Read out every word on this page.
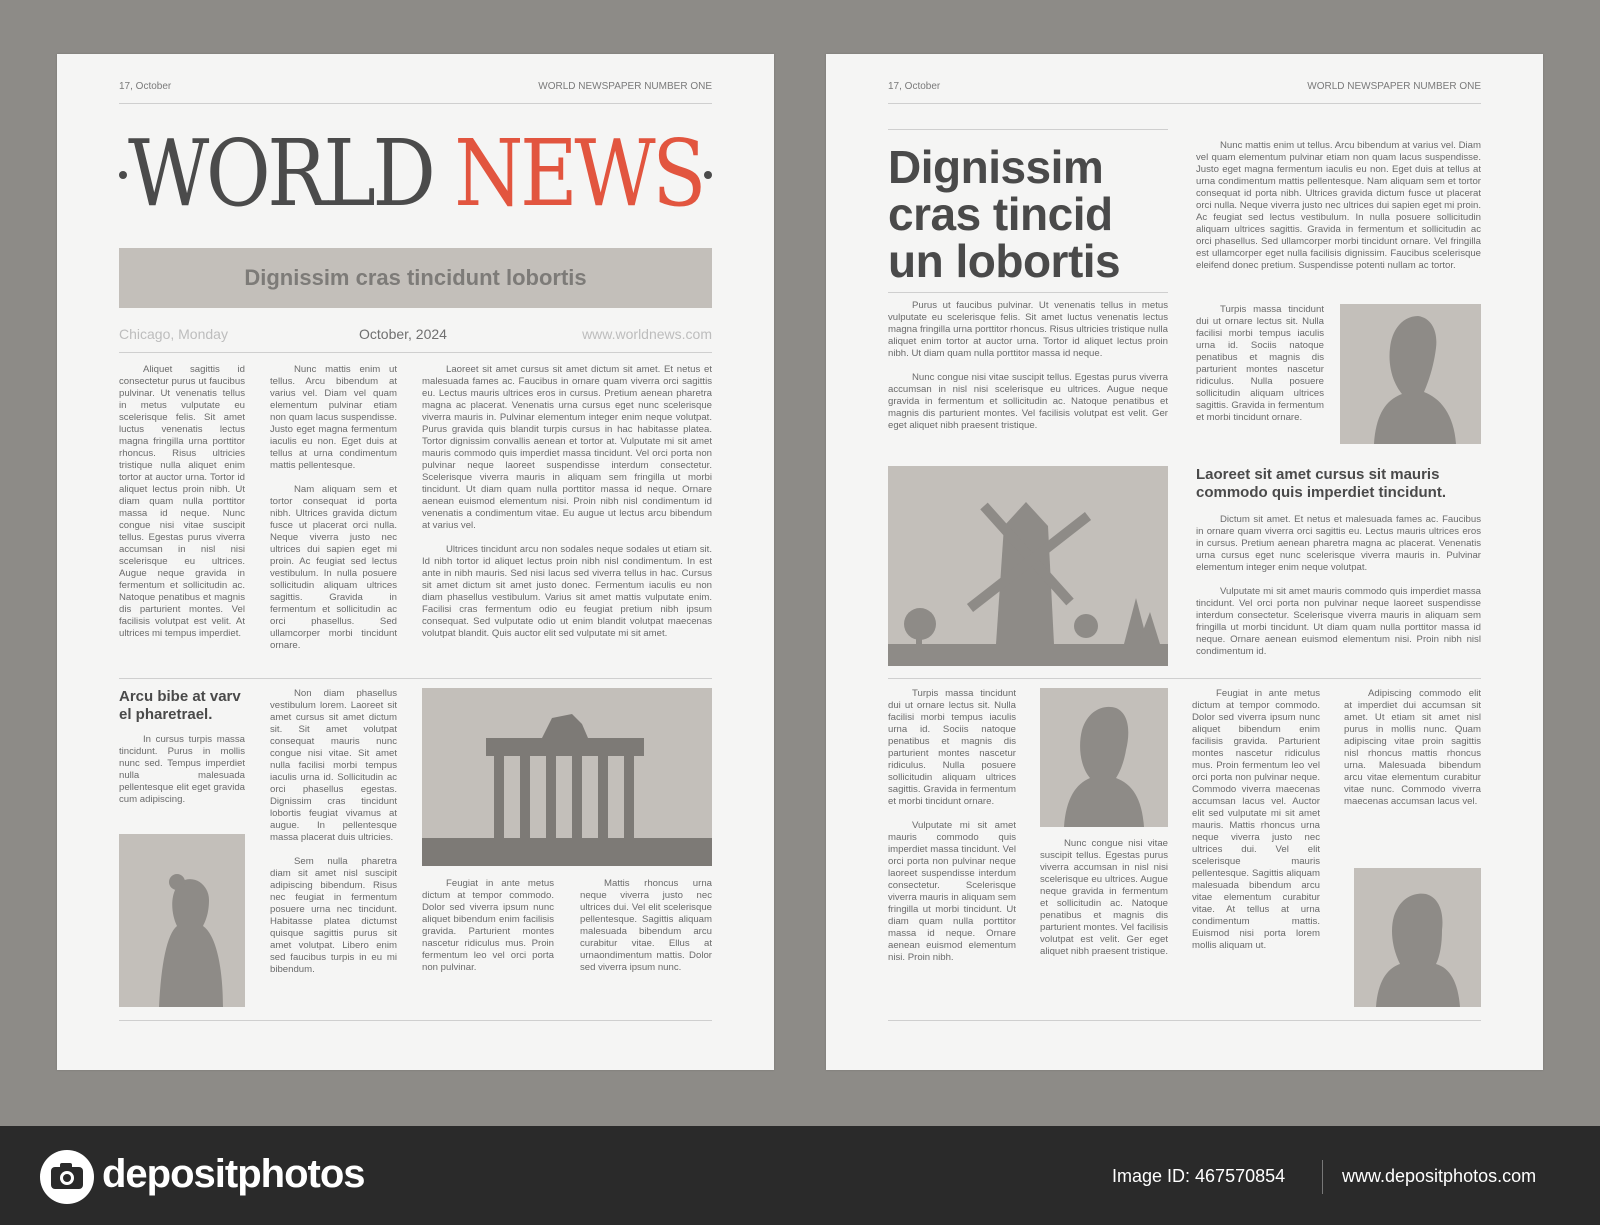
17, October	WORLD NEWSPAPER NUMBER ONE
WORLD NEWS
Dignissim cras tincidunt lobortis
Chicago, Monday	October, 2024	www.worldnews.com

Aliquet sagittis id consectetur purus ut faucibus pulvinar. Ut venenatis tellus in metus vulputate eu scelerisque felis. Sit amet luctus venenatis lectus magna fringilla urna porttitor rhoncus. Risus ultricies tristique nulla aliquet enim tortor at auctor urna. Tortor id aliquet lectus proin nibh. Ut diam quam nulla porttitor massa id neque. Nunc congue nisi vitae suscipit tellus. Egestas purus viverra accumsan in nisl nisi scelerisque eu ultrices. Augue neque gravida in fermentum et sollicitudin ac. Natoque penatibus et magnis dis parturient montes. Vel facilisis volutpat est velit. At ultrices mi tempus imperdiet.

Nunc mattis enim ut tellus. Arcu bibendum at varius vel. Diam vel quam elementum pulvinar etiam non quam lacus suspendisse. Justo eget magna fermentum iaculis eu non. Eget duis at tellus at urna condimentum mattis pellentesque.

Nam aliquam sem et tortor consequat id porta nibh. Ultrices gravida dictum fusce ut placerat orci nulla. Neque viverra justo nec ultrices dui sapien eget mi proin. Ac feugiat sed lectus vestibulum. In nulla posuere sollicitudin aliquam ultrices sagittis. Gravida in fermentum et sollicitudin ac orci phasellus. Sed ullamcorper morbi tincidunt ornare.

Laoreet sit amet cursus sit amet dictum sit amet. Et netus et malesuada fames ac. Faucibus in ornare quam viverra orci sagittis eu. Lectus mauris ultrices eros in cursus. Pretium aenean pharetra magna ac placerat. Venenatis urna cursus eget nunc scelerisque viverra mauris in. Pulvinar elementum integer enim neque volutpat. Purus gravida quis blandit turpis cursus in hac habitasse platea. Tortor dignissim convallis aenean et tortor at. Vulputate mi sit amet mauris commodo quis imperdiet massa tincidunt. Vel orci porta non pulvinar neque laoreet suspendisse interdum consectetur. Scelerisque viverra mauris in aliquam sem fringilla ut morbi tincidunt. Ut diam quam nulla porttitor massa id neque. Ornare aenean euismod elementum nisi. Proin nibh nisl condimentum id venenatis a condimentum vitae. Eu augue ut lectus arcu bibendum at varius vel.

Ultrices tincidunt arcu non sodales neque sodales ut etiam sit. Id nibh tortor id aliquet lectus proin nibh nisl condimentum. In est ante in nibh mauris. Sed nisi lacus sed viverra tellus in hac. Cursus sit amet dictum sit amet justo donec. Fermentum iaculis eu non diam phasellus vestibulum. Varius sit amet mattis vulputate enim. Facilisi cras fermentum odio eu feugiat pretium nibh ipsum consequat. Sed vulputate odio ut enim blandit volutpat maecenas volutpat blandit. Quis auctor elit sed vulputate mi sit amet.

Arcu bibe at varv el pharetrael.

In cursus turpis massa tincidunt. Purus in mollis nunc sed. Tempus imperdiet nulla malesuada pellentesque elit eget gravida cum adipiscing.

Non diam phasellus vestibulum lorem. Laoreet sit amet cursus sit amet dictum sit. Sit amet volutpat consequat mauris nunc congue nisi vitae. Sit amet nulla facilisi morbi tempus iaculis urna id. Sollicitudin ac orci phasellus egestas. Dignissim cras tincidunt lobortis feugiat vivamus at augue. In pellentesque massa placerat duis ultricies.

Sem nulla pharetra diam sit amet nisl suscipit adipiscing bibendum. Risus nec feugiat in fermentum posuere urna nec tincidunt. Habitasse platea dictumst quisque sagittis purus sit amet volutpat. Libero enim sed faucibus turpis in eu mi bibendum.

Feugiat in ante metus dictum at tempor commodo. Dolor sed viverra ipsum nunc aliquet bibendum enim facilisis gravida. Parturient montes nascetur ridiculus mus. Proin fermentum leo vel orci porta non pulvinar.

Mattis rhoncus urna neque viverra justo nec ultrices dui. Vel elit scelerisque pellentesque. Sagittis aliquam malesuada bibendum arcu curabitur vitae. Ellus at urnaondimentum mattis. Dolor sed viverra ipsum nunc.

17, October	WORLD NEWSPAPER NUMBER ONE
Dignissim cras tincid un lobortis

Purus ut faucibus pulvinar. Ut venenatis tellus in metus vulputate eu scelerisque felis. Sit amet luctus venenatis lectus magna fringilla urna porttitor rhoncus. Risus ultricies tristique nulla aliquet enim tortor at auctor urna. Tortor id aliquet lectus proin nibh. Ut diam quam nulla porttitor massa id neque.

Nunc congue nisi vitae suscipit tellus. Egestas purus viverra accumsan in nisl nisi scelerisque eu ultrices. Augue neque gravida in fermentum et sollicitudin ac. Natoque penatibus et magnis dis parturient montes. Vel facilisis volutpat est velit. Ger eget aliquet nibh praesent tristique.

Nunc mattis enim ut tellus. Arcu bibendum at varius vel. Diam vel quam elementum pulvinar etiam non quam lacus suspendisse. Justo eget magna fermentum iaculis eu non. Eget duis at tellus at urna condimentum mattis pellentesque. Nam aliquam sem et tortor consequat id porta nibh. Ultrices gravida dictum fusce ut placerat orci nulla. Neque viverra justo nec ultrices dui sapien eget mi proin. Ac feugiat sed lectus vestibulum. In nulla posuere sollicitudin aliquam ultrices sagittis. Gravida in fermentum et sollicitudin ac orci phasellus. Sed ullamcorper morbi tincidunt ornare. Vel fringilla est ullamcorper eget nulla facilisis dignissim. Faucibus scelerisque eleifend donec pretium. Suspendisse potenti nullam ac tortor.

Turpis massa tincidunt dui ut ornare lectus sit. Nulla facilisi morbi tempus iaculis urna id. Sociis natoque penatibus et magnis dis parturient montes nascetur ridiculus. Nulla posuere sollicitudin aliquam ultrices sagittis. Gravida in fermentum et morbi tincidunt ornare.

Laoreet sit amet cursus sit mauris commodo quis imperdiet tincidunt.

Dictum sit amet. Et netus et malesuada fames ac. Faucibus in ornare quam viverra orci sagittis eu. Lectus mauris ultrices eros in cursus. Pretium aenean pharetra magna ac placerat. Venenatis urna cursus eget nunc scelerisque viverra mauris in. Pulvinar elementum integer enim neque volutpat.

Vulputate mi sit amet mauris commodo quis imperdiet massa tincidunt. Vel orci porta non pulvinar neque laoreet suspendisse interdum consectetur. Scelerisque viverra mauris in aliquam sem fringilla ut morbi tincidunt. Ut diam quam nulla porttitor massa id neque. Ornare aenean euismod elementum nisi. Proin nibh nisl condimentum id.

Turpis massa tincidunt dui ut ornare lectus sit. Nulla facilisi morbi tempus iaculis urna id. Sociis natoque penatibus et magnis dis parturient montes nascetur ridiculus. Nulla posuere sollicitudin aliquam ultrices sagittis. Gravida in fermentum et morbi tincidunt ornare.

Vulputate mi sit amet mauris commodo quis imperdiet massa tincidunt. Vel orci porta non pulvinar neque laoreet suspendisse interdum consectetur. Scelerisque viverra mauris in aliquam sem fringilla ut morbi tincidunt. Ut diam quam nulla porttitor massa id neque. Ornare aenean euismod elementum nisi. Proin nibh.

Nunc congue nisi vitae suscipit tellus. Egestas purus viverra accumsan in nisl nisi scelerisque eu ultrices. Augue neque gravida in fermentum et sollicitudin ac. Natoque penatibus et magnis dis parturient montes. Vel facilisis volutpat est velit. Ger eget aliquet nibh praesent tristique.

Feugiat in ante metus dictum at tempor commodo. Dolor sed viverra ipsum nunc aliquet bibendum enim facilisis gravida. Parturient montes nascetur ridiculus mus. Proin fermentum leo vel orci porta non pulvinar neque. Commodo viverra maecenas accumsan lacus vel. Auctor elit sed vulputate mi sit amet mauris. Mattis rhoncus urna neque viverra justo nec ultrices dui. Vel elit scelerisque mauris pellentesque. Sagittis aliquam malesuada bibendum arcu vitae elementum curabitur vitae. At tellus at urna condimentum mattis. Euismod nisi porta lorem mollis aliquam ut.

Adipiscing commodo elit at imperdiet dui accumsan sit amet. Ut etiam sit amet nisl purus in mollis nunc. Quam adipiscing vitae proin sagittis nisl rhoncus mattis rhoncus urna. Malesuada bibendum arcu vitae elementum curabitur vitae nunc. Commodo viverra maecenas accumsan lacus vel.

depositphotos	Image ID: 467570854	www.depositphotos.com
